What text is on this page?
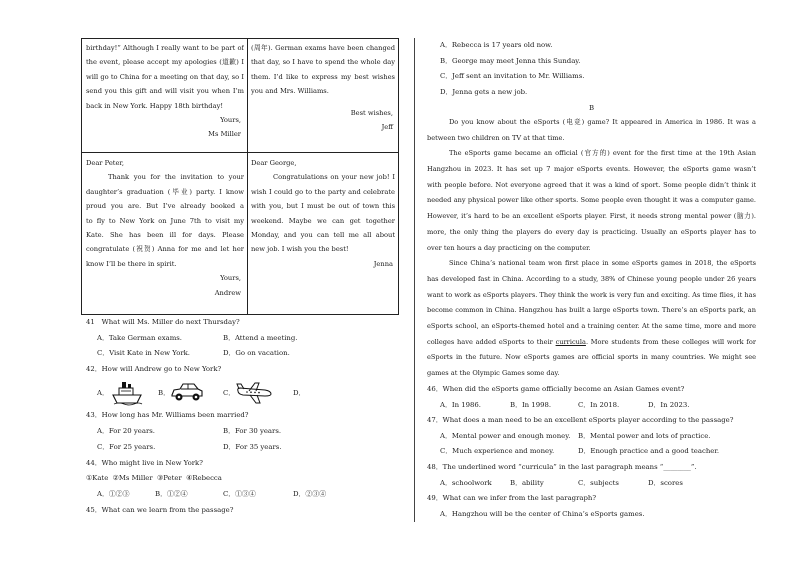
birthday!” Although I really want to be part of

the event, please accept my apologies (道歉) I

will go to China for a meeting on that day, so I

send you this gift and will visit you when I’m

back in New York. Happy 18th birthday!

Yours,

Ms Miller

(周年). German exams have been changed

that day, so I have to spend the whole day

them. I’d like to express my best wishes

you and Mrs. Williams.

Best wishes,

Jeff

Dear Peter,

Thank you for the invitation to your

daughter’s graduation (毕业) party. I know

proud you are. But I’ve already booked a

to fly to New York on June 7th to visit my

Kate. She has been ill for days. Please

congratulate (祝贺) Anna for me and let her

know I’ll be there in spirit.

Yours,

Andrew

Dear George,

Congratulations on your new job! I

wish I could go to the party and celebrate

with you, but I must be out of town this

weekend. Maybe we can get together

Monday, and you can tell me all about

new job. I wish you the best!

Jenna

41　What will Ms. Miller do next Thursday?
A．Take German exams.	B．Attend a meeting.
C．Visit Kate in New York.	D．Go on vacation.
42．How will Andrew go to New York?
A．	B．	C．	D．
43．How long has Mr. Williams been married?
A．For 20 years.	B．For 30 years.
C．For 25 years.	D．For 35 years.
44．Who might live in New York?
①Kate  ②Ms Miller  ③Peter  ④Rebecca
A．①②③	B．①②④	C．①③④	D．②③④
45．What can we learn from the passage?
A．Rebecca is 17 years old now.
B．George may meet Jenna this Sunday.
C．Jeff sent an invitation to Mr. Williams.
D．Jenna gets a new job.
B

Do you know about the eSports (电竞) game? It appeared in America in 1986. It was a

between two children on TV at that time.

The eSports game became an official (官方的) event for the first time at the 19th Asian

Hangzhou in 2023. It has set up 7 major eSports events. However, the eSports game wasn’t

with people before. Not everyone agreed that it was a kind of sport. Some people didn’t think it

needed any physical power like other sports. Some people even thought it was a computer game.

However, it’s hard to be an excellent eSports player. First, it needs strong mental power (脑力).

more, the only thing the players do every day is practicing. Usually an eSports player has to

over ten hours a day practicing on the computer.

Since China’s national team won first place in some eSports games in 2018, the eSports

has developed fast in China. According to a study, 38% of Chinese young people under 26 years

want to work as eSports players. They think the work is very fun and exciting. As time flies, it has

become common in China. Hangzhou has built a large eSports town. There’s an eSports park, an

eSports school, an eSports-themed hotel and a training center. At the same time, more and more

colleges have added eSports to their curricula. More students from these colleges will work for

eSports in the future. Now eSports games are official sports in many countries. We might see

games at the Olympic Games some day.

46．When did the eSports game officially become an Asian Games event?
A．In 1986.	B．In 1998.	C．In 2018.	D．In 2023.
47．What does a man need to be an excellent eSports player according to the passage?
A．Mental power and enough money. B．Mental power and lots of practice.
C．Much experience and money.	D．Enough practice and a good teacher.
48．The underlined word “curricula” in the last paragraph means “________”.
A．schoolwork	B．ability	C．subjects	D．scores
49．What can we infer from the last paragraph?
A．Hangzhou will be the center of China’s eSports games.
